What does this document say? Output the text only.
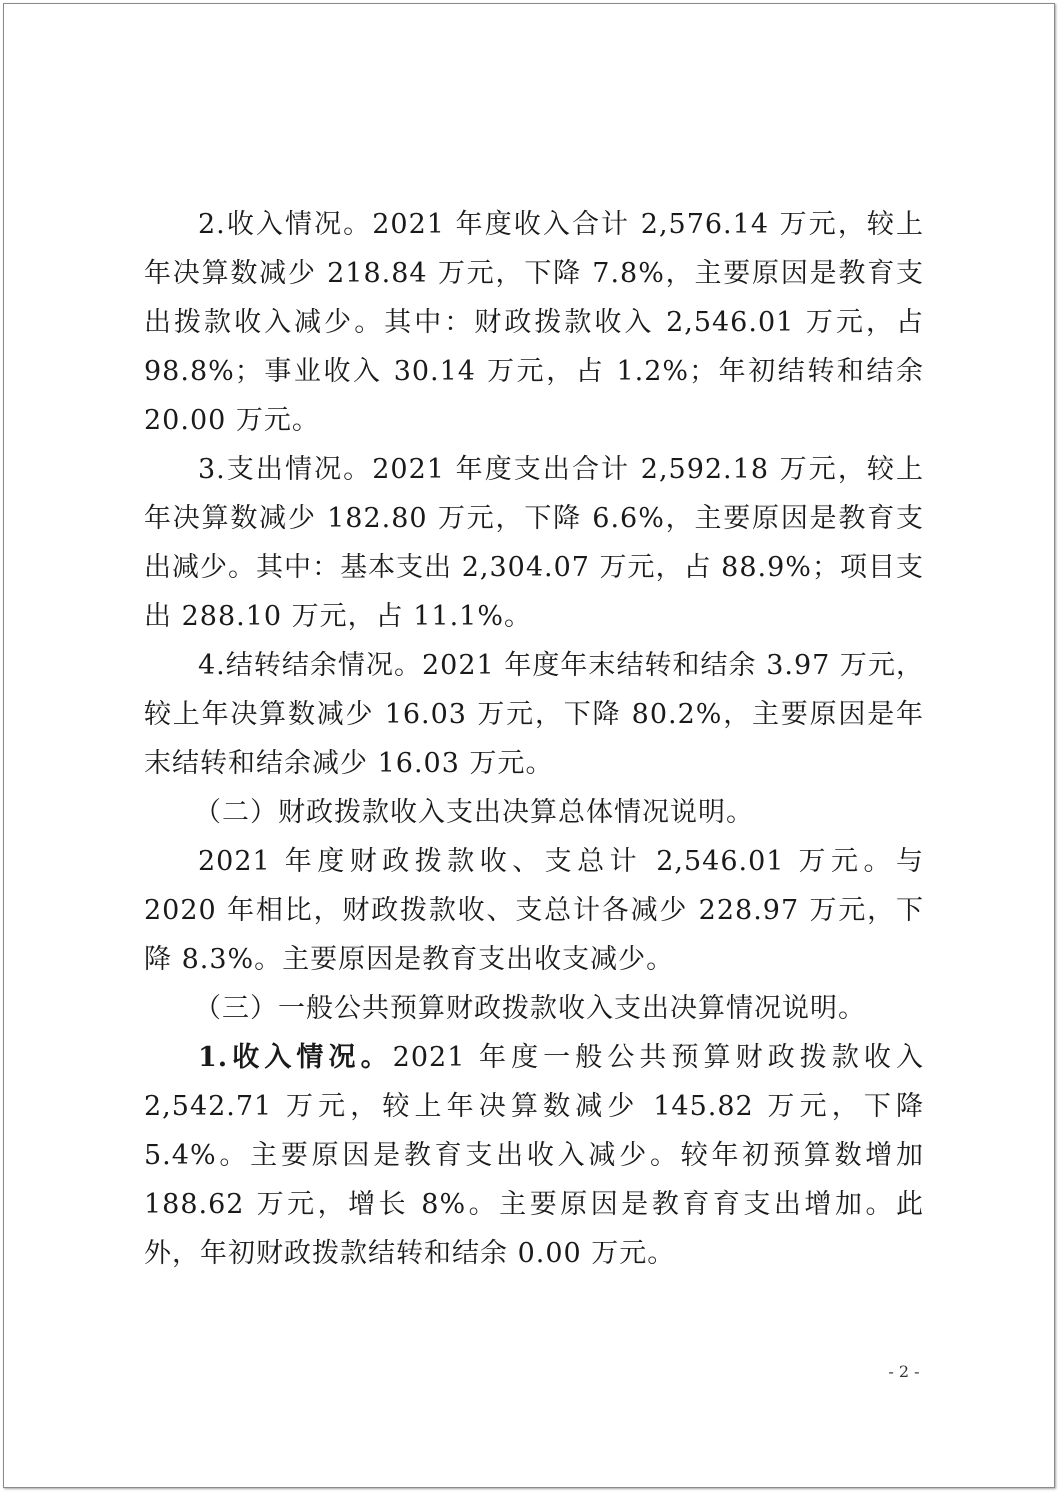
2.收入情况。2021 年度收入合计 2,576.14 万元，较上年决算数减少 218.84 万元，下降 7.8%，主要原因是教育支出拨款收入减少。其中：财政拨款收入 2,546.01 万元，占 98.8%；事业收入 30.14 万元，占 1.2%；年初结转和结余 20.00 万元。

3.支出情况。2021 年度支出合计 2,592.18 万元，较上年决算数减少 182.80 万元，下降 6.6%，主要原因是教育支出减少。其中：基本支出 2,304.07 万元，占 88.9%；项目支出 288.10 万元，占 11.1%。

4.结转结余情况。2021 年度年末结转和结余 3.97 万元，较上年决算数减少 16.03 万元，下降 80.2%，主要原因是年末结转和结余减少 16.03 万元。

（二）财政拨款收入支出决算总体情况说明。

2021 年度财政拨款收、支总计 2,546.01 万元。与 2020 年相比，财政拨款收、支总计各减少 228.97 万元，下降 8.3%。主要原因是教育支出收支减少。

（三）一般公共预算财政拨款收入支出决算情况说明。

1.收入情况。2021 年度一般公共预算财政拨款收入 2,542.71 万元，较上年决算数减少 145.82 万元，下降 5.4%。主要原因是教育支出收入减少。较年初预算数增加 188.62 万元，增长 8%。主要原因是教育育支出增加。此外，年初财政拨款结转和结余 0.00 万元。

- 2 -
